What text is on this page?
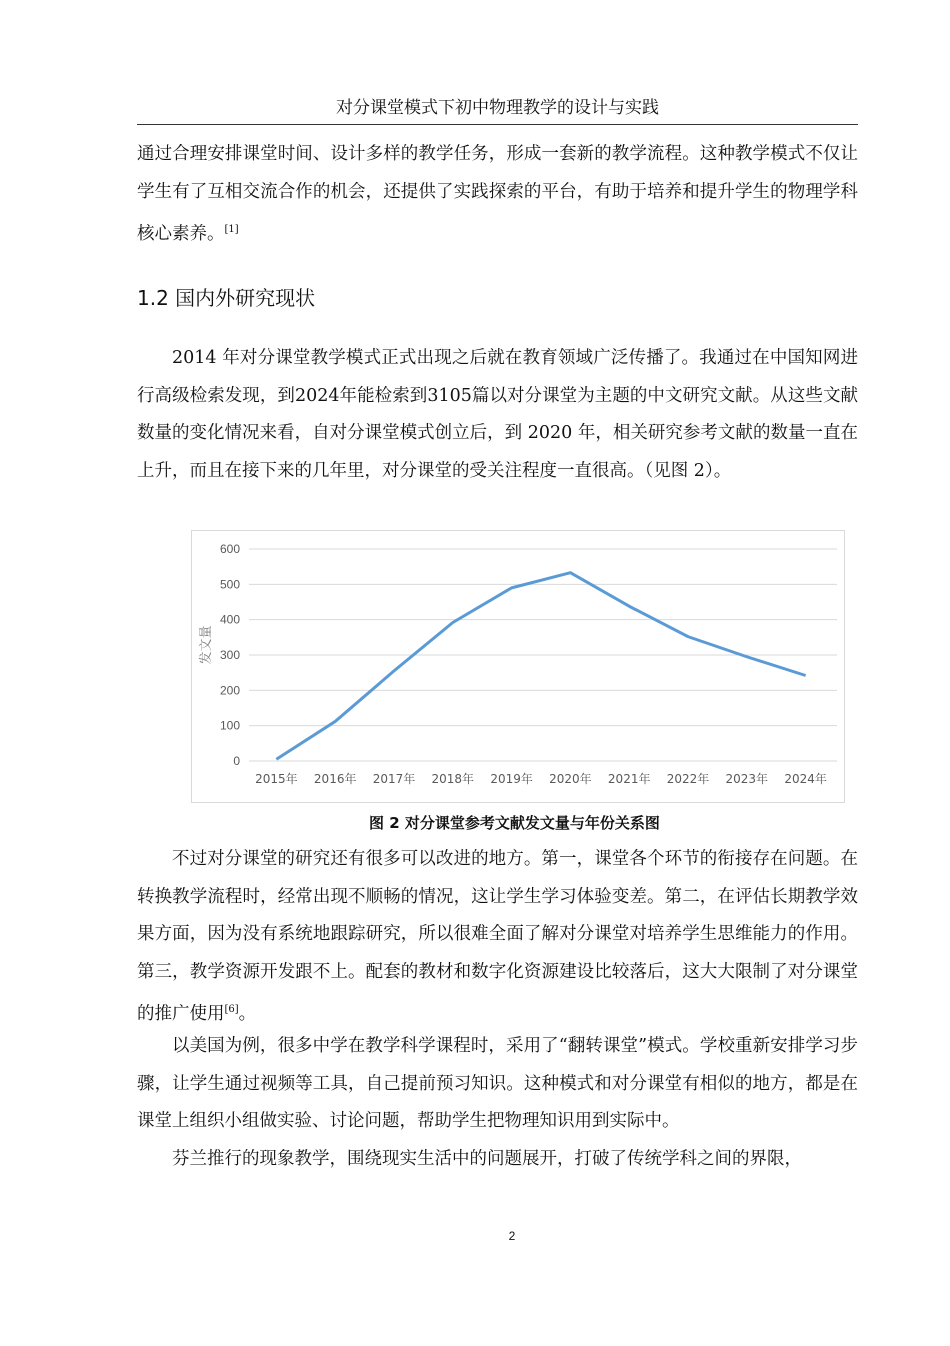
对分课堂模式下初中物理教学的设计与实践
通过合理安排课堂时间、设计多样的教学任务，形成一套新的教学流程。这种教学模式不仅让学生有了互相交流合作的机会，还提供了实践探索的平台，有助于培养和提升学生的物理学科核心素养。[1]
1.2 国内外研究现状
2014 年对分课堂教学模式正式出现之后就在教育领域广泛传播了。我通过在中国知网进行高级检索发现，到2024年能检索到3105篇以对分课堂为主题的中文研究文献。从这些文献数量的变化情况来看，自对分课堂模式创立后，到 2020 年，相关研究参考文献的数量一直在上升，而且在接下来的几年里，对分课堂的受关注程度一直很高。（见图 2）。
0
100
200
300
400
500
600
2015年 2016年 2017年 2018年 2019年 2020年 2021年 2022年 2023年 2024年
发文量
图 2 对分课堂参考文献发文量与年份关系图
不过对分课堂的研究还有很多可以改进的地方。第一，课堂各个环节的衔接存在问题。在转换教学流程时，经常出现不顺畅的情况，这让学生学习体验变差。第二，在评估长期教学效果方面，因为没有系统地跟踪研究，所以很难全面了解对分课堂对培养学生思维能力的作用。第三，教学资源开发跟不上。配套的教材和数字化资源建设比较落后，这大大限制了对分课堂的推广使用[6]。
以美国为例，很多中学在教学科学课程时，采用了“翻转课堂”模式。学校重新安排学习步骤，让学生通过视频等工具，自己提前预习知识。这种模式和对分课堂有相似的地方，都是在课堂上组织小组做实验、讨论问题，帮助学生把物理知识用到实际中。
芬兰推行的现象教学，围绕现实生活中的问题展开，打破了传统学科之间的界限，
2
